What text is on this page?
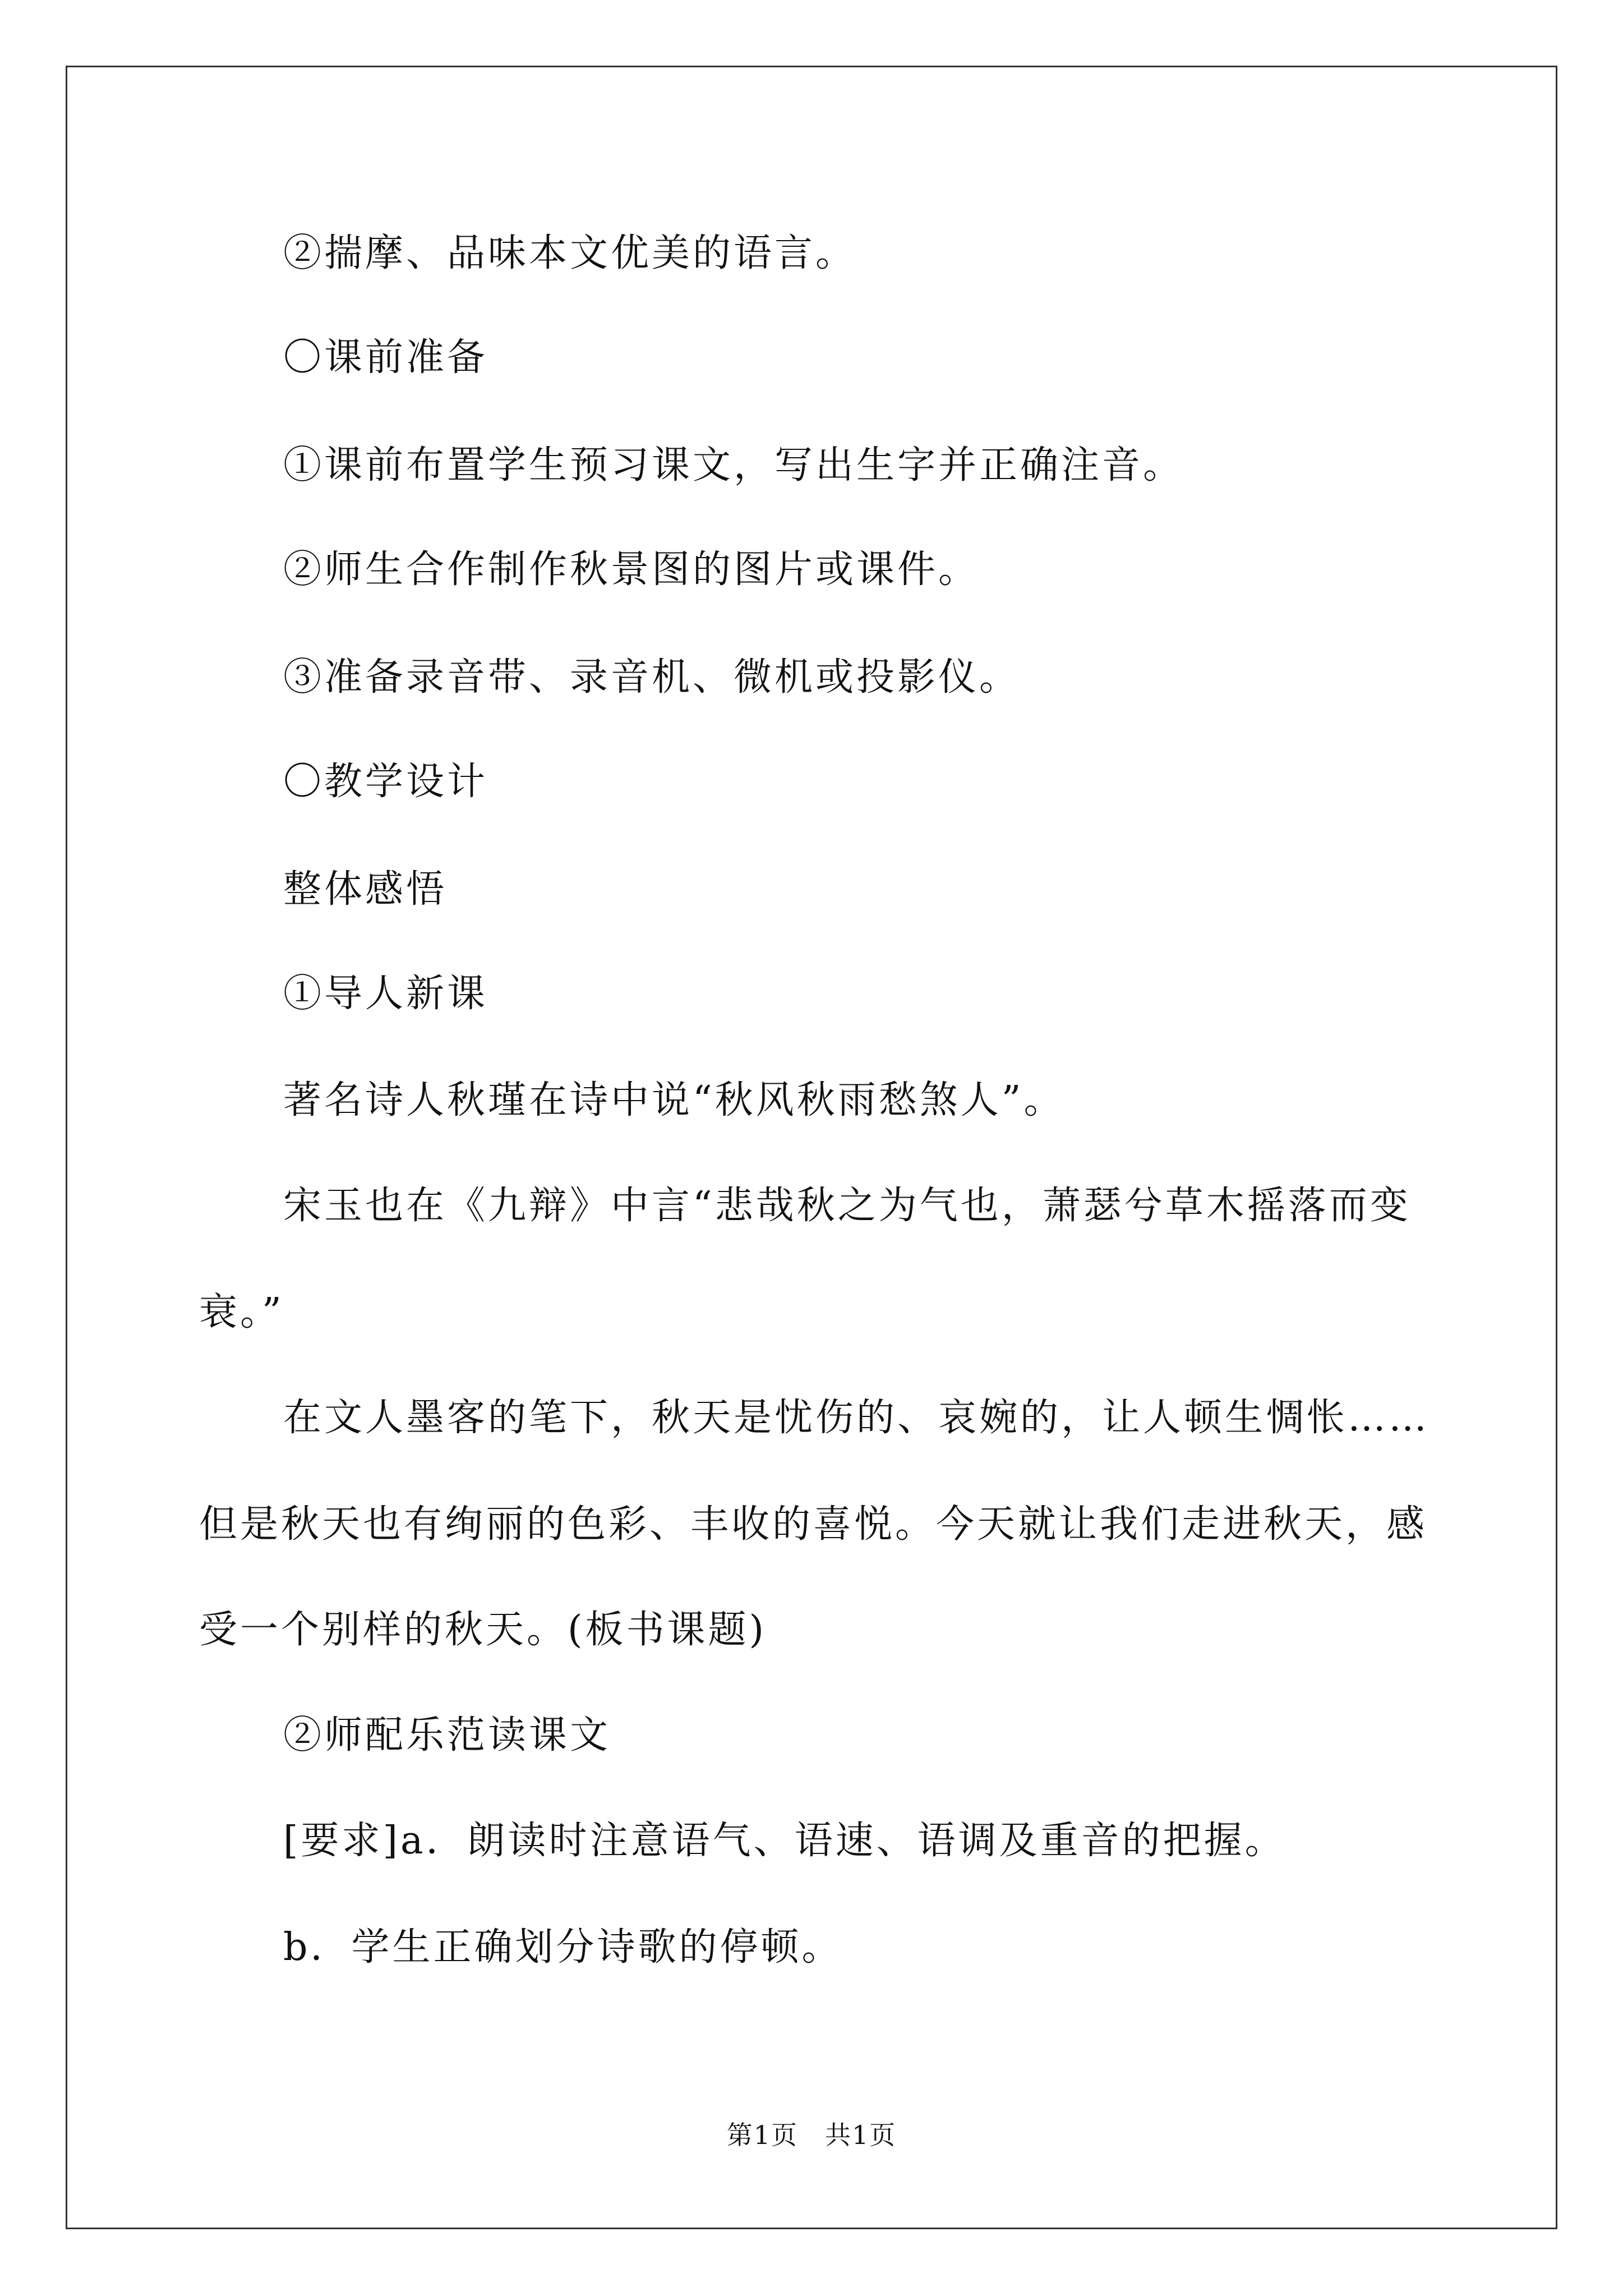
②揣摩、品味本文优美的语言。
〇课前准备
①课前布置学生预习课文，写出生字并正确注音。
②师生合作制作秋景图的图片或课件。
③准备录音带、录音机、微机或投影仪。
〇教学设计
整体感悟
①导人新课
著名诗人秋瑾在诗中说“秋风秋雨愁煞人”。
宋玉也在《九辩》中言“悲哉秋之为气也，萧瑟兮草木摇落而变
衰。”
在文人墨客的笔下，秋天是忧伤的、哀婉的，让人顿生惆怅……
但是秋天也有绚丽的色彩、丰收的喜悦。今天就让我们走进秋天，感
受一个别样的秋天。(板书课题)
②师配乐范读课文
[要求]a．朗读时注意语气、语速、语调及重音的把握。
b．学生正确划分诗歌的停顿。
第1页　共1页
